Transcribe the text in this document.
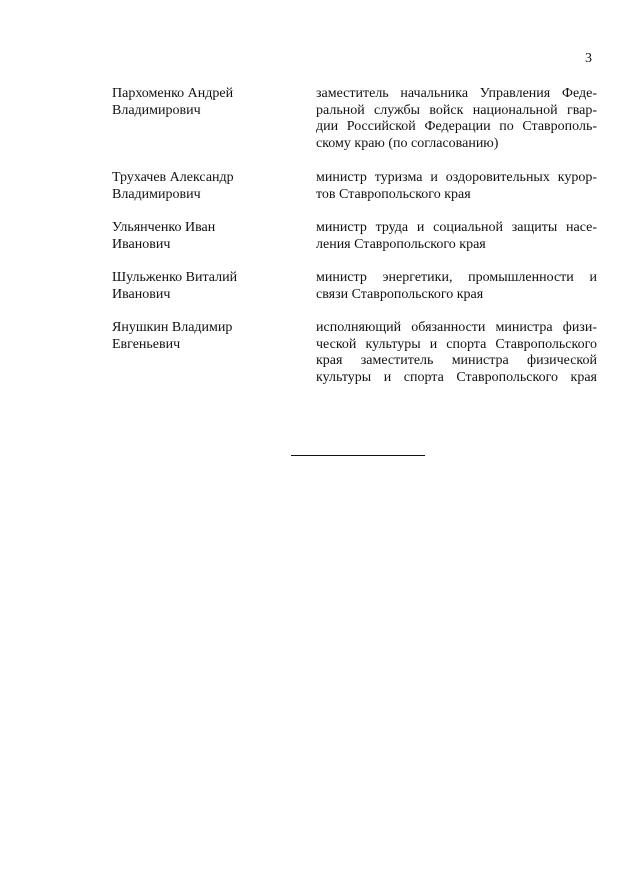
3
Пархоменко Андрей
Владимирович
заместитель начальника Управления Феде-
ральной службы войск национальной гвар-
дии Российской Федерации по Ставрополь-
скому краю (по согласованию)
Трухачев Александр
Владимирович
министр туризма и оздоровительных курор-
тов Ставропольского края
Ульянченко Иван
Иванович
министр труда и социальной защиты насе-
ления Ставропольского края
Шульженко Виталий
Иванович
министр энергетики, промышленности и
связи Ставропольского края
Янушкин Владимир
Евгеньевич
исполняющий обязанности министра физи-
ческой культуры и спорта Ставропольского
края заместитель министра физической
культуры и спорта Ставропольского края
